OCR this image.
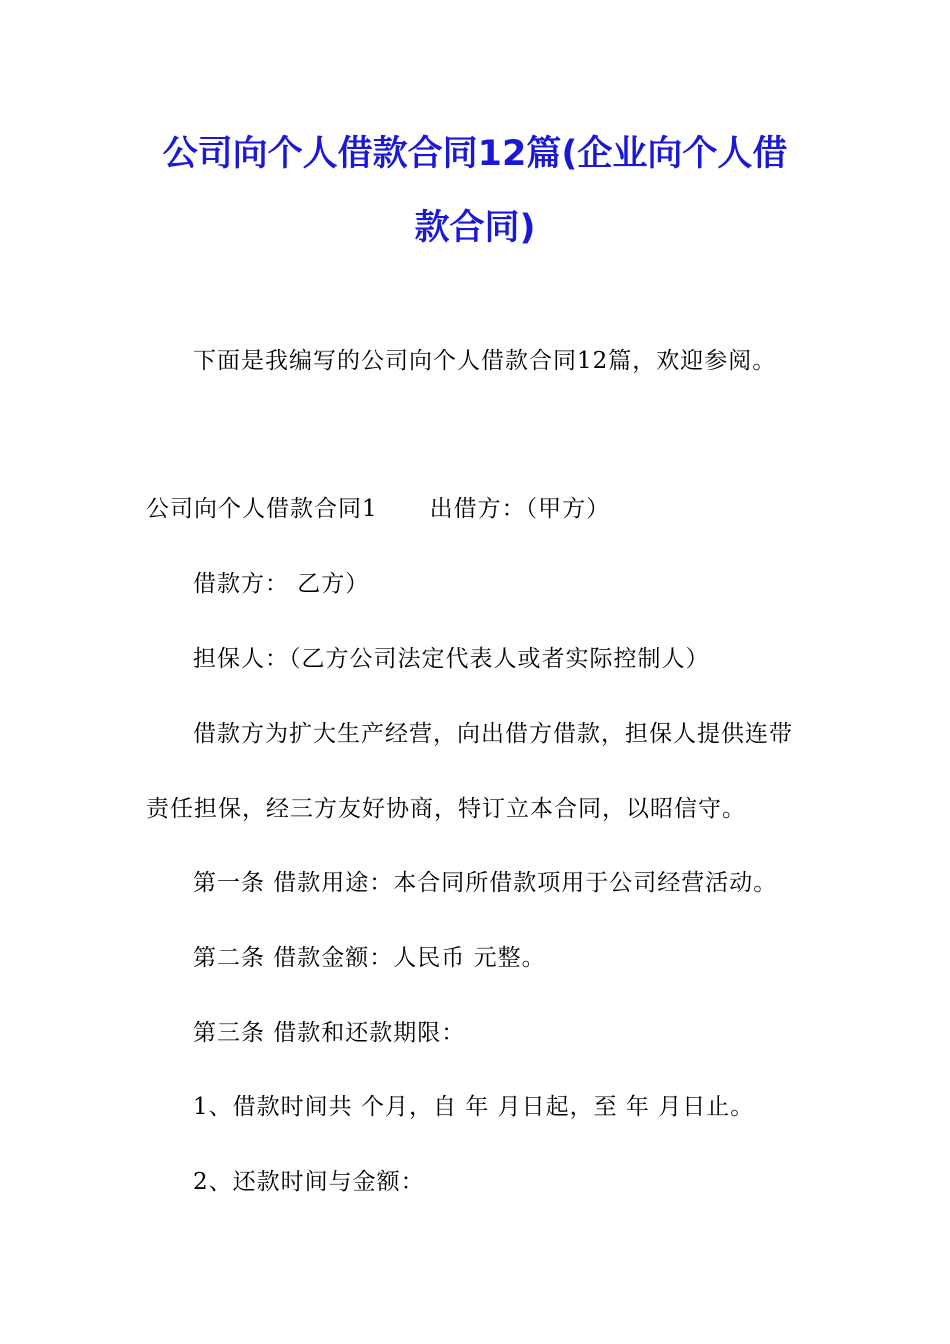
公司向个人借款合同12篇(企业向个人借
款合同)
下面是我编写的公司向个人借款合同12篇，欢迎参阅。
公司向个人借款合同1 出借方：（甲方）
借款方： 乙方）
担保人：（乙方公司法定代表人或者实际控制人）
借款方为扩大生产经营，向出借方借款，担保人提供连带
责任担保，经三方友好协商，特订立本合同，以昭信守。
第一条 借款用途：本合同所借款项用于公司经营活动。
第二条 借款金额：人民币 元整。
第三条 借款和还款期限：
1、借款时间共 个月，自 年 月日起，至 年 月日止。
2、还款时间与金额：
